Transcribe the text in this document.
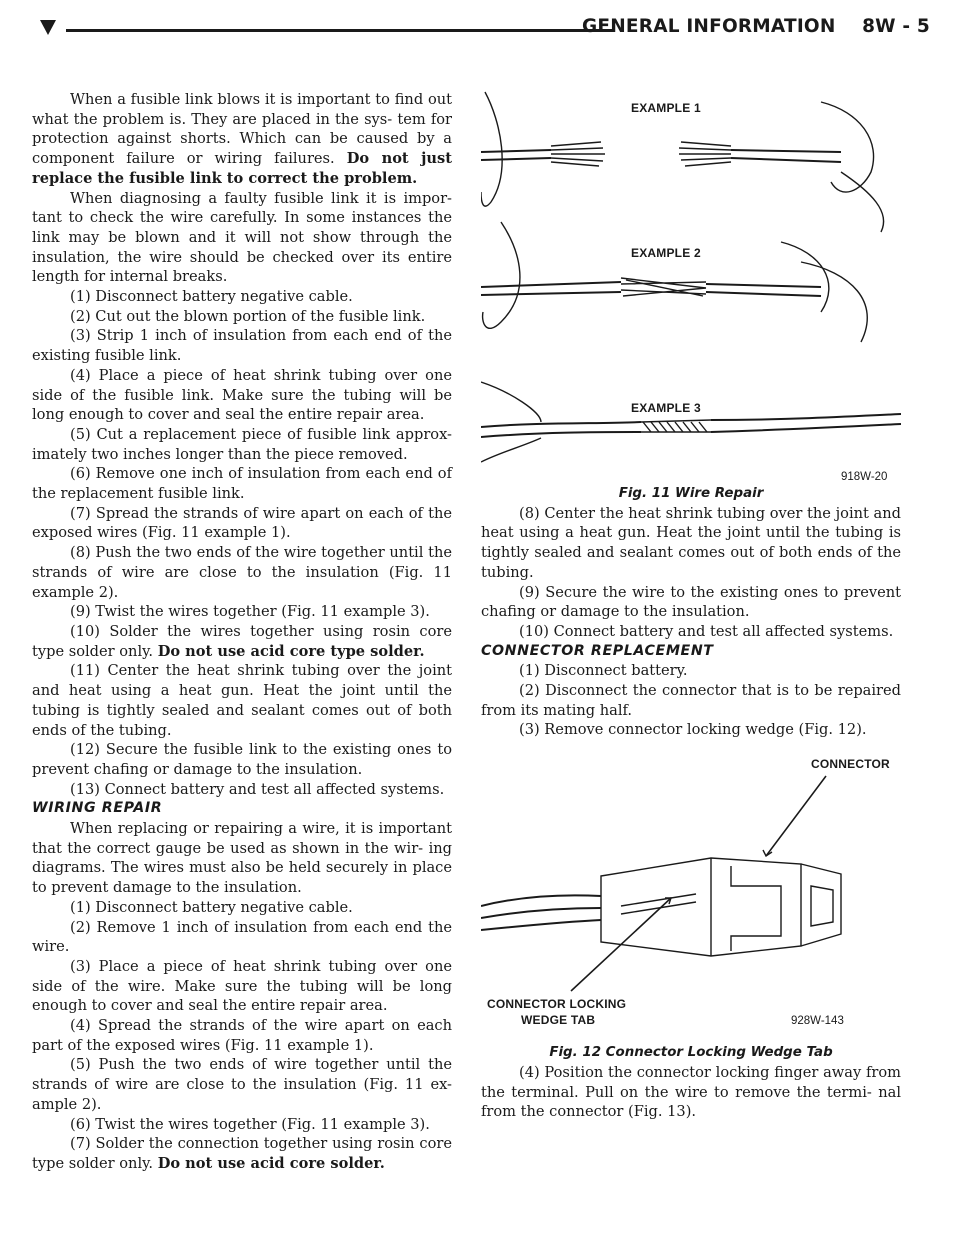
GENERAL INFORMATION    8W - 5

When a fusible link blows it is important to find out what the problem is. They are placed in the sys- tem for protection against shorts. Which can be caused by a component failure or wiring failures. Do not just replace the fusible link to correct the problem.

When diagnosing a faulty fusible link it is impor- tant to check the wire carefully. In some instances the link may be blown and it will not show through the insulation, the wire should be checked over its entire length for internal breaks.

(1) Disconnect battery negative cable.

(2) Cut out the blown portion of the fusible link.

(3) Strip 1 inch of insulation from each end of the existing fusible link.

(4) Place a piece of heat shrink tubing over one side of the fusible link. Make sure the tubing will be long enough to cover and seal the entire repair area.

(5) Cut a replacement piece of fusible link approx- imately two inches longer than the piece removed.

(6) Remove one inch of insulation from each end of the replacement fusible link.

(7) Spread the strands of wire apart on each of the exposed wires (Fig. 11 example 1).

(8) Push the two ends of the wire together until the strands of wire are close to the insulation (Fig. 11 example 2).

(9) Twist the wires together (Fig. 11 example 3).

(10) Solder the wires together using rosin core type solder only. Do not use acid core type solder.

(11) Center the heat shrink tubing over the joint and heat using a heat gun. Heat the joint until the tubing is tightly sealed and sealant comes out of both ends of the tubing.

(12) Secure the fusible link to the existing ones to prevent chafing or damage to the insulation.

(13) Connect battery and test all affected systems.

WIRING REPAIR

When replacing or repairing a wire, it is important that the correct gauge be used as shown in the wir- ing diagrams. The wires must also be held securely in place to prevent damage to the insulation.

(1) Disconnect battery negative cable.

(2) Remove 1 inch of insulation from each end the wire.

(3) Place a piece of heat shrink tubing over one side of the wire. Make sure the tubing will be long enough to cover and seal the entire repair area.

(4) Spread the strands of the wire apart on each part of the exposed wires (Fig. 11 example 1).

(5) Push the two ends of wire together until the strands of wire are close to the insulation (Fig. 11 ex- ample 2).

(6) Twist the wires together (Fig. 11 example 3).

(7) Solder the connection together using rosin core type solder only. Do not use acid core solder.

EXAMPLE 1
EXAMPLE 2
EXAMPLE 3
918W-20

Fig. 11 Wire Repair

(8) Center the heat shrink tubing over the joint and heat using a heat gun. Heat the joint until the tubing is tightly sealed and sealant comes out of both ends of the tubing.

(9) Secure the wire to the existing ones to prevent chafing or damage to the insulation.

(10) Connect battery and test all affected systems.

CONNECTOR REPLACEMENT

(1) Disconnect battery.

(2) Disconnect the connector that is to be repaired from its mating half.

(3) Remove connector locking wedge (Fig. 12).

CONNECTOR
CONNECTOR LOCKING
WEDGE TAB	928W-143

Fig. 12 Connector Locking Wedge Tab

(4) Position the connector locking finger away from the terminal. Pull on the wire to remove the termi- nal from the connector (Fig. 13).
